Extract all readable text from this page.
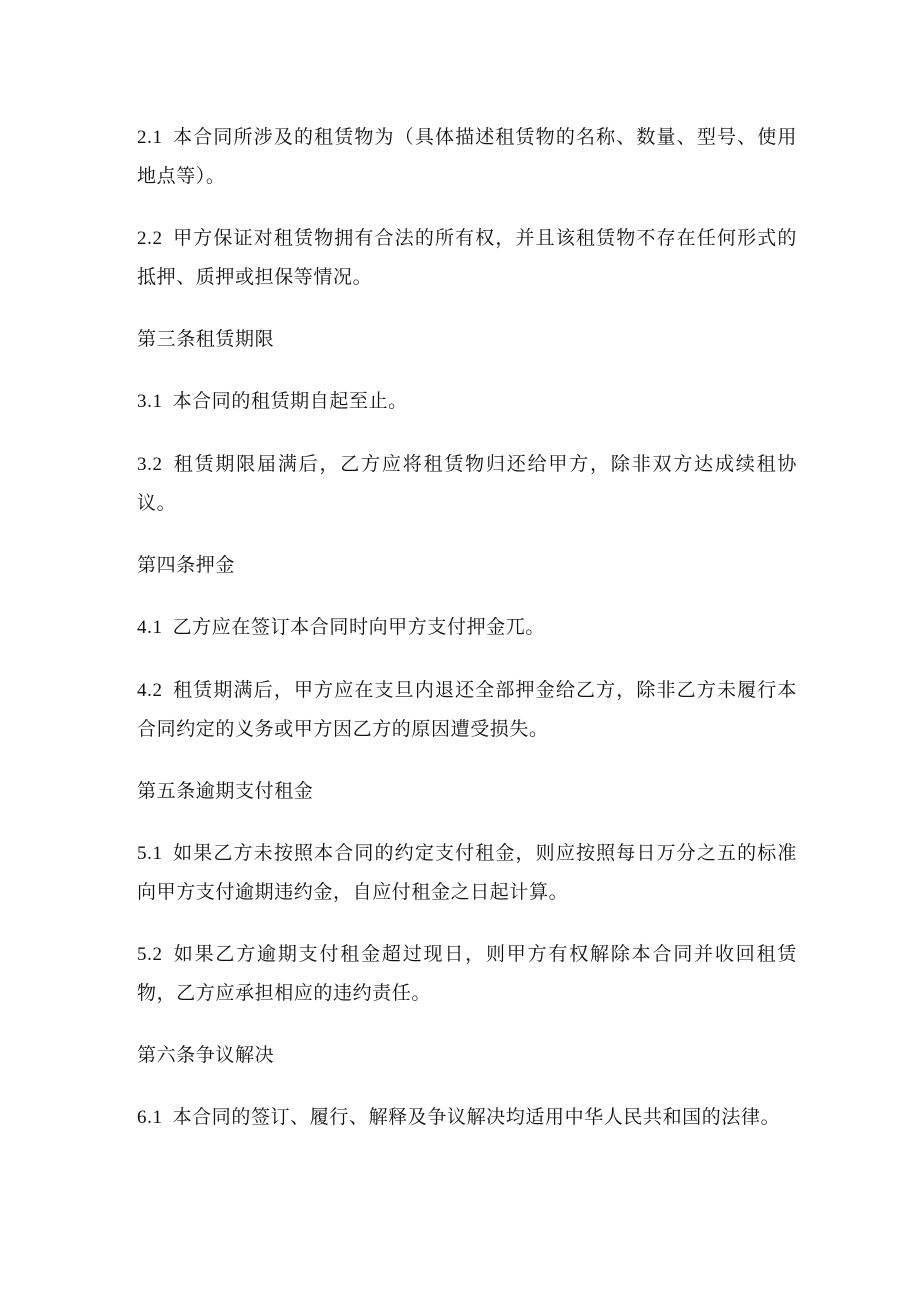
2.1 本合同所涉及的租赁物为（具体描述租赁物的名称、数量、型号、使用地点等）。

2.2 甲方保证对租赁物拥有合法的所有权，并且该租赁物不存在任何形式的抵押、质押或担保等情况。

第三条租赁期限

3.1 本合同的租赁期自起至止。

3.2 租赁期限届满后，乙方应将租赁物归还给甲方，除非双方达成续租协议。

第四条押金

4.1 乙方应在签订本合同时向甲方支付押金兀。

4.2 租赁期满后，甲方应在支旦内退还全部押金给乙方，除非乙方未履行本合同约定的义务或甲方因乙方的原因遭受损失。

第五条逾期支付租金

5.1 如果乙方未按照本合同的约定支付租金，则应按照每日万分之五的标准向甲方支付逾期违约金，自应付租金之日起计算。

5.2 如果乙方逾期支付租金超过现日，则甲方有权解除本合同并收回租赁物，乙方应承担相应的违约责任。

第六条争议解决

6.1 本合同的签订、履行、解释及争议解决均适用中华人民共和国的法律。
